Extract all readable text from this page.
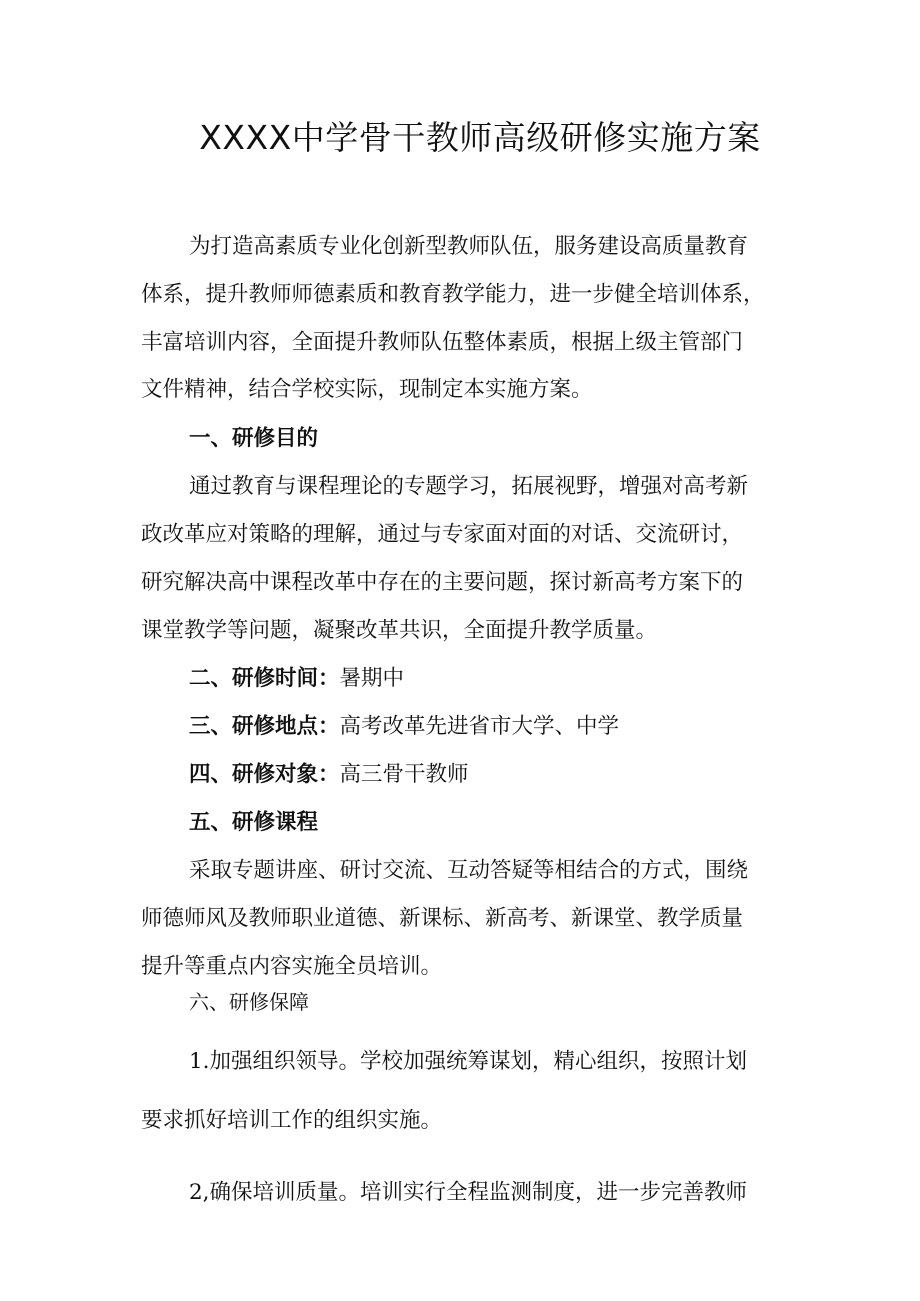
XXXX中学骨干教师高级研修实施方案
为打造高素质专业化创新型教师队伍，服务建设高质量教育
体系，提升教师师德素质和教育教学能力，进一步健全培训体系，
丰富培训内容，全面提升教师队伍整体素质，根据上级主管部门
文件精神，结合学校实际，现制定本实施方案。
一、研修目的
通过教育与课程理论的专题学习，拓展视野，增强对高考新
政改革应对策略的理解，通过与专家面对面的对话、交流研讨，
研究解决高中课程改革中存在的主要问题，探讨新高考方案下的
课堂教学等问题，凝聚改革共识，全面提升教学质量。
二、研修时间：暑期中
三、研修地点：高考改革先进省市大学、中学
四、研修对象：高三骨干教师
五、研修课程
采取专题讲座、研讨交流、互动答疑等相结合的方式，围绕
师德师风及教师职业道德、新课标、新高考、新课堂、教学质量
提升等重点内容实施全员培训。
六、研修保障
1.加强组织领导。学校加强统筹谋划，精心组织，按照计划
要求抓好培训工作的组织实施。
2,确保培训质量。培训实行全程监测制度，进一步完善教师
